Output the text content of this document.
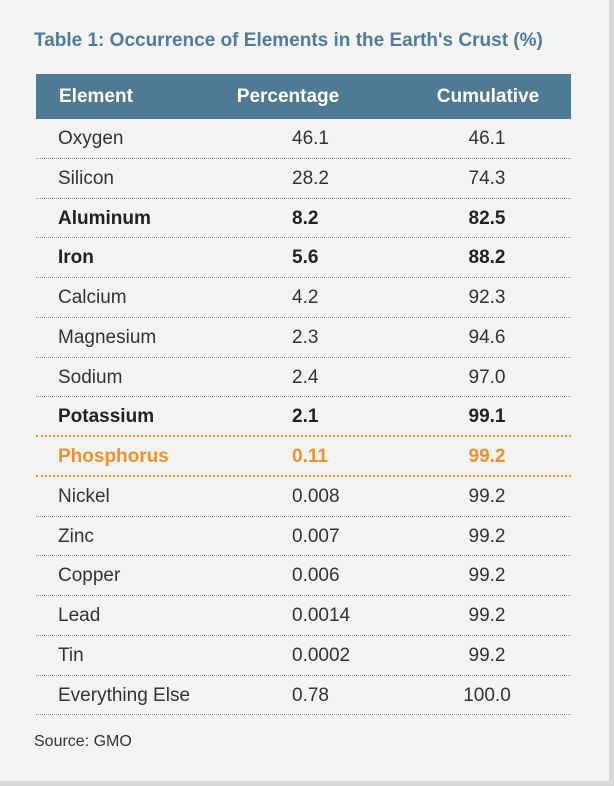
Table 1: Occurrence of Elements in the Earth's Crust (%)
Element	Percentage	Cumulative
Oxygen	46.1	46.1
Silicon	28.2	74.3
Aluminum	8.2	82.5
Iron	5.6	88.2
Calcium	4.2	92.3
Magnesium	2.3	94.6
Sodium	2.4	97.0
Potassium	2.1	99.1
Phosphorus	0.11	99.2
Nickel	0.008	99.2
Zinc	0.007	99.2
Copper	0.006	99.2
Lead	0.0014	99.2
Tin	0.0002	99.2
Everything Else	0.78	100.0
Source: GMO
